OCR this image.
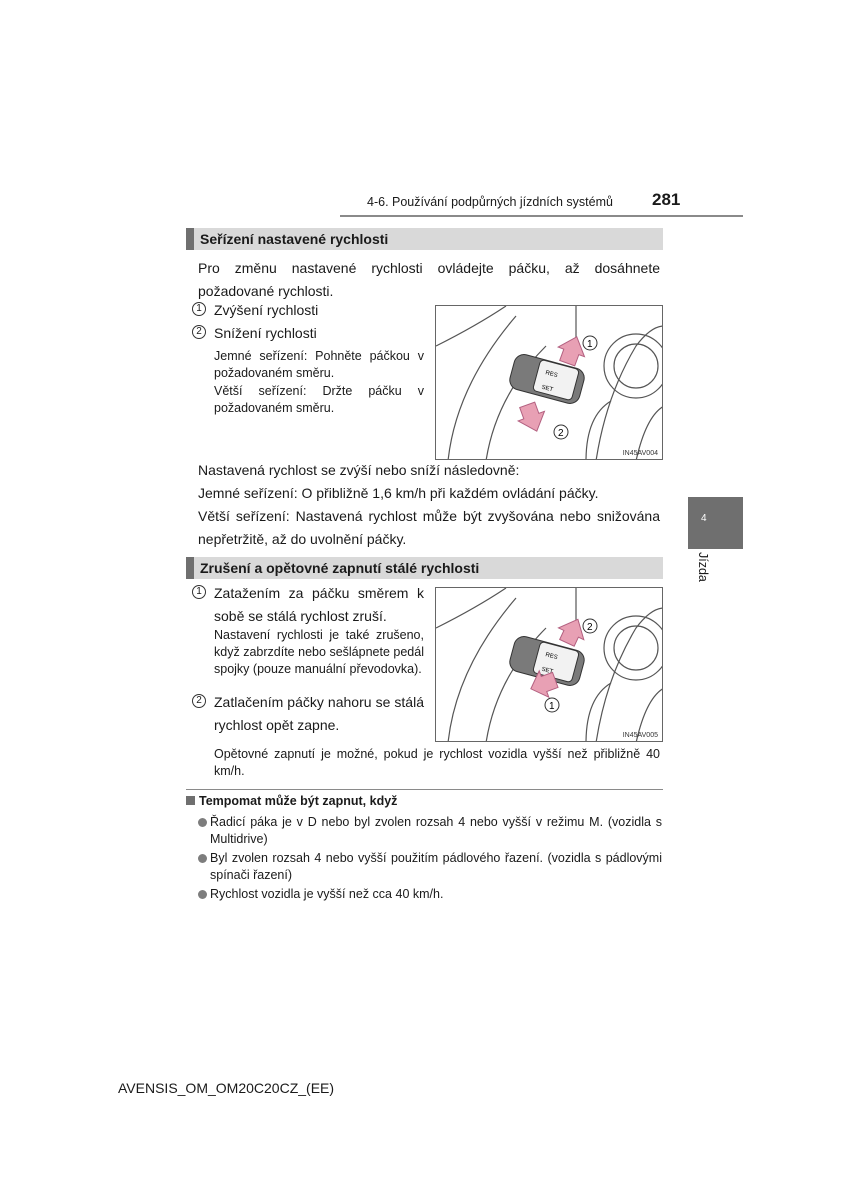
4-6. Používání podpůrných jízdních systémů 281
4
Jízda
Seřízení nastavené rychlosti
Pro změnu nastavené rychlosti ovládejte páčku, až dosáhnete požadované rychlosti.
1 Zvýšení rychlosti
2 Snížení rychlosti
Jemné seřízení: Pohněte páčkou v požadovaném směru.
Větší seřízení: Držte páčku v požadovaném směru.
RES
SET
1
2
IN45AV004
Nastavená rychlost se zvýší nebo sníží následovně:
Jemné seřízení: O přibližně 1,6 km/h při každém ovládání páčky.
Větší seřízení: Nastavená rychlost může být zvyšována nebo snižována nepřetržitě, až do uvolnění páčky.
Zrušení a opětovné zapnutí stálé rychlosti
1 Zatažením za páčku směrem k sobě se stálá rychlost zruší.
Nastavení rychlosti je také zrušeno, když zabrzdíte nebo sešlápnete pedál spojky (pouze manuální převodovka).
2 Zatlačením páčky nahoru se stálá rychlost opět zapne.
RES
SET
2
1
IN45AV005
Opětovné zapnutí je možné, pokud je rychlost vozidla vyšší než přibližně 40 km/h.
Tempomat může být zapnut, když
Řadicí páka je v D nebo byl zvolen rozsah 4 nebo vyšší v režimu M. (vozidla s Multidrive)
Byl zvolen rozsah 4 nebo vyšší použitím pádlového řazení. (vozidla s pádlovými spínači řazení)
Rychlost vozidla je vyšší než cca 40 km/h.
AVENSIS_OM_OM20C20CZ_(EE)
